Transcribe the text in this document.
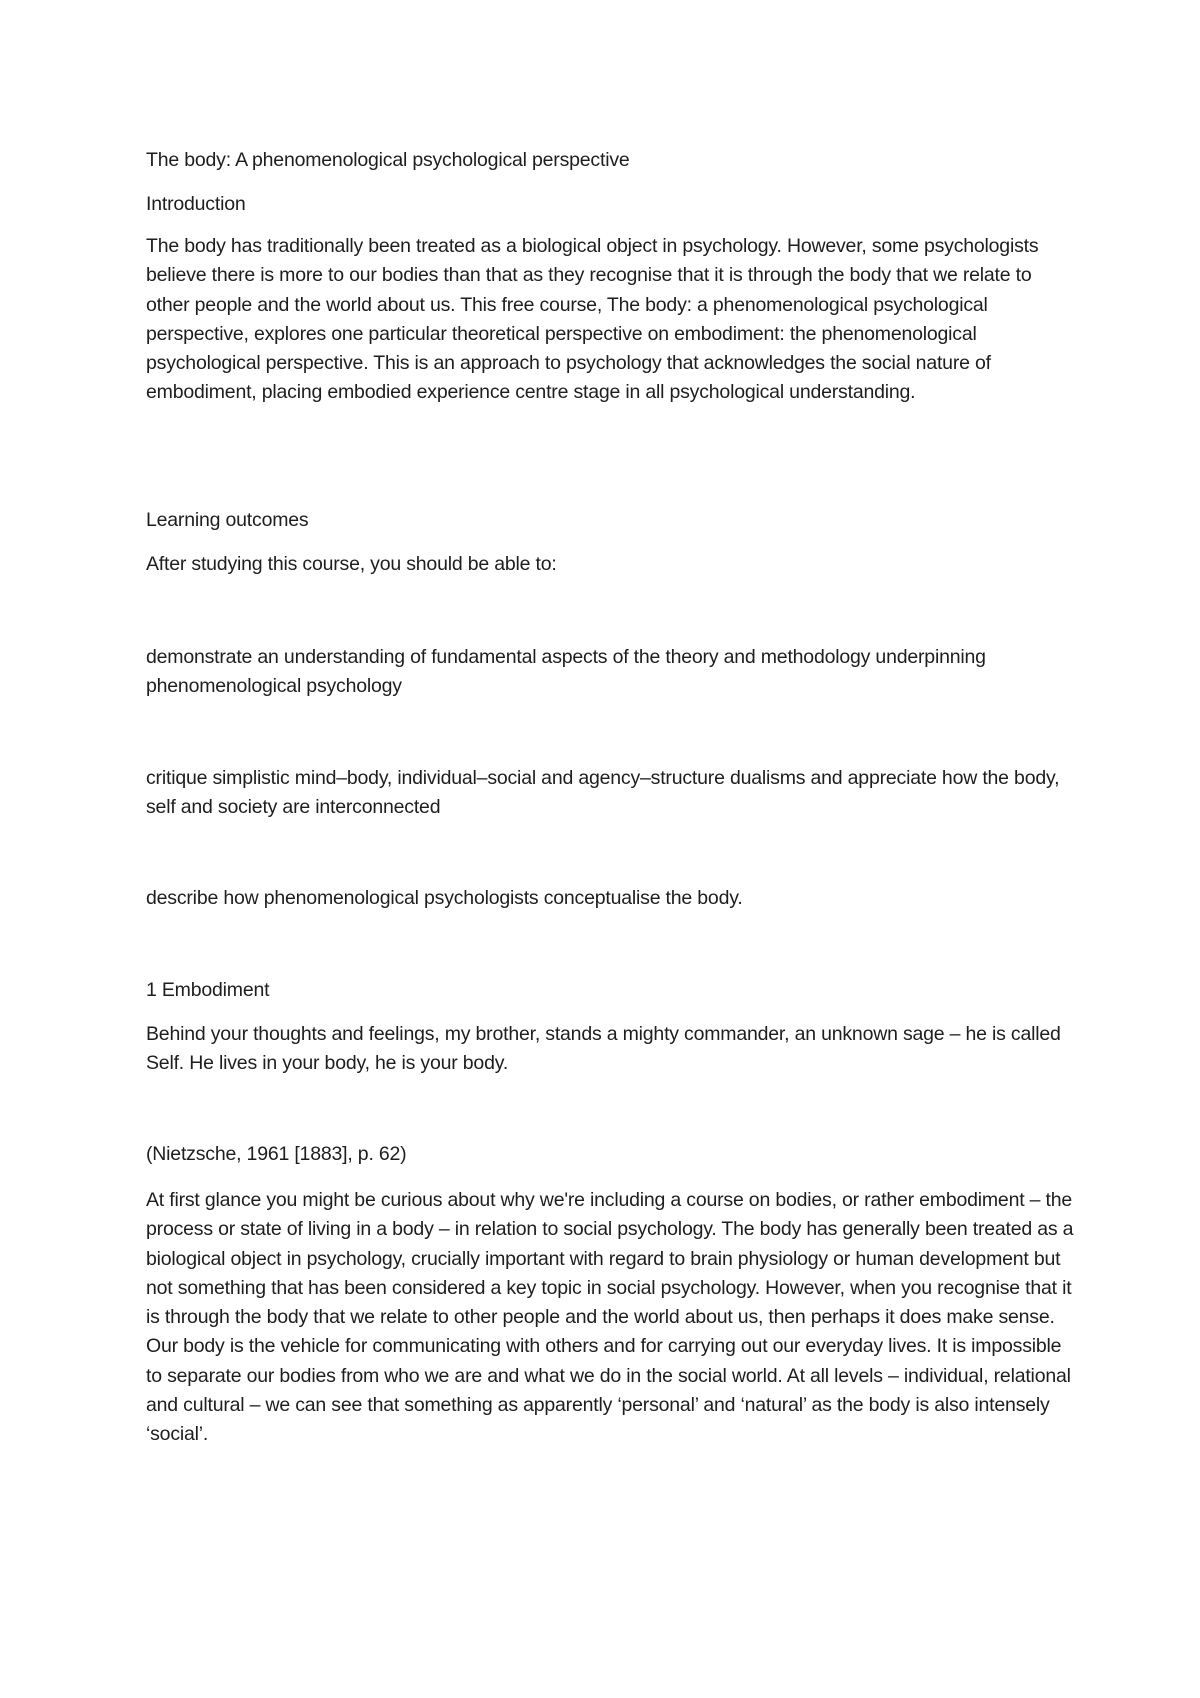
The body: A phenomenological psychological perspective

Introduction

The body has traditionally been treated as a biological object in psychology. However, some psychologists believe there is more to our bodies than that as they recognise that it is through the body that we relate to other people and the world about us. This free course, The body: a phenomenological psychological perspective, explores one particular theoretical perspective on embodiment: the phenomenological psychological perspective. This is an approach to psychology that acknowledges the social nature of embodiment, placing embodied experience centre stage in all psychological understanding.

Learning outcomes

After studying this course, you should be able to:

demonstrate an understanding of fundamental aspects of the theory and methodology underpinning phenomenological psychology

critique simplistic mind–body, individual–social and agency–structure dualisms and appreciate how the body, self and society are interconnected

describe how phenomenological psychologists conceptualise the body.

1 Embodiment

Behind your thoughts and feelings, my brother, stands a mighty commander, an unknown sage – he is called Self. He lives in your body, he is your body.

(Nietzsche, 1961 [1883], p. 62)

At first glance you might be curious about why we're including a course on bodies, or rather embodiment – the process or state of living in a body – in relation to social psychology. The body has generally been treated as a biological object in psychology, crucially important with regard to brain physiology or human development but not something that has been considered a key topic in social psychology. However, when you recognise that it is through the body that we relate to other people and the world about us, then perhaps it does make sense. Our body is the vehicle for communicating with others and for carrying out our everyday lives. It is impossible to separate our bodies from who we are and what we do in the social world. At all levels – individual, relational and cultural – we can see that something as apparently ‘personal’ and ‘natural’ as the body is also intensely ‘social’.
